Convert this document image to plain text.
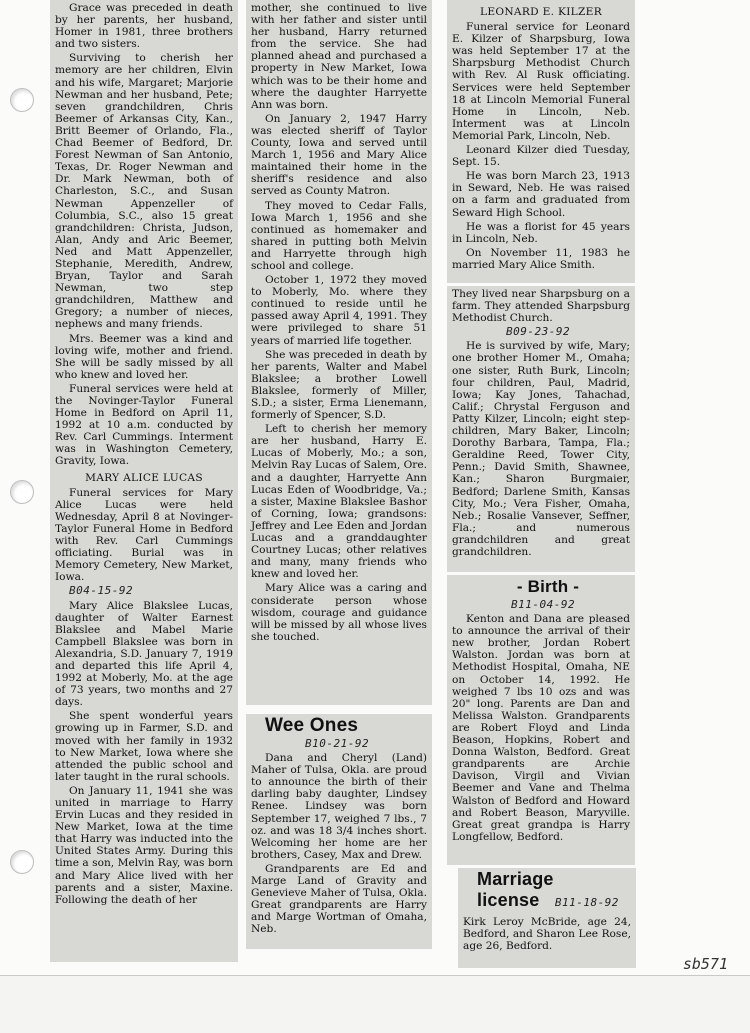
Grace was preceded in death by her parents, her husband, Homer in 1981, three brothers and two sisters.

Surviving to cherish her memory are her children, Elvin and his wife, Margaret; Marjorie Newman and her husband, Pete; seven grandchildren, Chris Beemer of Arkansas City, Kan., Britt Beemer of Orlando, Fla., Chad Beemer of Bedford, Dr. Forest Newman of San Antonio, Texas, Dr. Roger Newman and Dr. Mark Newman, both of Charleston, S.C., and Susan Newman Appenzeller of Columbia, S.C., also 15 great grandchildren: Christa, Judson, Alan, Andy and Aric Beemer, Ned and Matt Appenzeller, Stephanie, Meredith, Andrew, Bryan, Taylor and Sarah Newman, two step grandchildren, Matthew and Gregory; a number of nieces, nephews and many friends.

Mrs. Beemer was a kind and loving wife, mother and friend. She will be sadly missed by all who knew and loved her.

Funeral services were held at the Novinger-Taylor Funeral Home in Bedford on April 11, 1992 at 10 a.m. conducted by Rev. Carl Cummings. Interment was in Washington Cemetery, Gravity, Iowa.

MARY ALICE LUCAS

Funeral services for Mary Alice Lucas were held Wednesday, April 8 at Novinger-Taylor Funeral Home in Bedford with Rev. Carl Cummings officiating. Burial was in Memory Cemetery, New Market, Iowa.

B04-15-92

Mary Alice Blakslee Lucas, daughter of Walter Earnest Blakslee and Mabel Marie Campbell Blakslee was born in Alexandria, S.D. January 7, 1919 and departed this life April 4, 1992 at Moberly, Mo. at the age of 73 years, two months and 27 days.

She spent wonderful years growing up in Farmer, S.D. and moved with her family in 1932 to New Market, Iowa where she attended the public school and later taught in the rural schools.

On January 11, 1941 she was united in marriage to Harry Ervin Lucas and they resided in New Market, Iowa at the time that Harry was inducted into the United States Army. During this time a son, Melvin Ray, was born and Mary Alice lived with her parents and a sister, Maxine. Following the death of her

mother, she continued to live with her father and sister until her husband, Harry returned from the service. She had planned ahead and purchased a property in New Market, Iowa which was to be their home and where the daughter Harryette Ann was born.

On January 2, 1947 Harry was elected sheriff of Taylor County, Iowa and served until March 1, 1956 and Mary Alice maintained their home in the sheriff's residence and also served as County Matron.

They moved to Cedar Falls, Iowa March 1, 1956 and she continued as homemaker and shared in putting both Melvin and Harryette through high school and college.

October 1, 1972 they moved to Moberly, Mo. where they continued to reside until he passed away April 4, 1991. They were privileged to share 51 years of married life together.

She was preceded in death by her parents, Walter and Mabel Blakslee; a brother Lowell Blakslee, formerly of Miller, S.D.; a sister, Erma Lienemann, formerly of Spencer, S.D.

Left to cherish her memory are her husband, Harry E. Lucas of Moberly, Mo.; a son, Melvin Ray Lucas of Salem, Ore. and a daughter, Harryette Ann Lucas Eden of Woodbridge, Va.; a sister, Maxine Blakslee Bashor of Corning, Iowa; grandsons: Jeffrey and Lee Eden and Jordan Lucas and a granddaughter Courtney Lucas; other relatives and many, many friends who knew and loved her.

Mary Alice was a caring and considerate person whose wisdom, courage and guidance will be missed by all whose lives she touched.

Wee Ones

B10-21-92

Dana and Cheryl (Land) Maher of Tulsa, Okla. are proud to announce the birth of their darling baby daughter, Lindsey Renee. Lindsey was born September 17, weighed 7 lbs., 7 oz. and was 18 3/4 inches short. Welcoming her home are her brothers, Casey, Max and Drew.

Grandparents are Ed and Marge Land of Gravity and Genevieve Maher of Tulsa, Okla. Great grandparents are Harry and Marge Wortman of Omaha, Neb.

LEONARD E. KILZER

Funeral service for Leonard E. Kilzer of Sharpsburg, Iowa was held September 17 at the Sharpsburg Methodist Church with Rev. Al Rusk officiating. Services were held September 18 at Lincoln Memorial Funeral Home in Lincoln, Neb. Interment was at Lincoln Memorial Park, Lincoln, Neb.

Leonard Kilzer died Tuesday, Sept. 15.

He was born March 23, 1913 in Seward, Neb. He was raised on a farm and graduated from Seward High School.

He was a florist for 45 years in Lincoln, Neb.

On November 11, 1983 he married Mary Alice Smith.

They lived near Sharpsburg on a farm. They attended Sharpsburg Methodist Church.

B09-23-92

He is survived by wife, Mary; one brother Homer M., Omaha; one sister, Ruth Burk, Lincoln; four children, Paul, Madrid, Iowa; Kay Jones, Tahachad, Calif.; Chrystal Ferguson and Patty Kilzer, Lincoln; eight step-children, Mary Baker, Lincoln; Dorothy Barbara, Tampa, Fla.; Geraldine Reed, Tower City, Penn.; David Smith, Shawnee, Kan.; Sharon Burgmaier, Bedford; Darlene Smith, Kansas City, Mo.; Vera Fisher, Omaha, Neb.; Rosalie Vansever, Seffner, Fla.; and numerous grandchildren and great grandchildren.

- Birth -

B11-04-92

Kenton and Dana are pleased to announce the arrival of their new brother, Jordan Robert Walston. Jordan was born at Methodist Hospital, Omaha, NE on October 14, 1992. He weighed 7 lbs 10 ozs and was 20" long. Parents are Dan and Melissa Walston. Grandparents are Robert Floyd and Linda Beason, Hopkins, Robert and Donna Walston, Bedford. Great grandparents are Archie Davison, Virgil and Vivian Beemer and Vane and Thelma Walston of Bedford and Howard and Robert Beason, Maryville. Great great grandpa is Harry Longfellow, Bedford.

Marriage

license B11-18-92

Kirk Leroy McBride, age 24, Bedford, and Sharon Lee Rose, age 26, Bedford.

sb571
